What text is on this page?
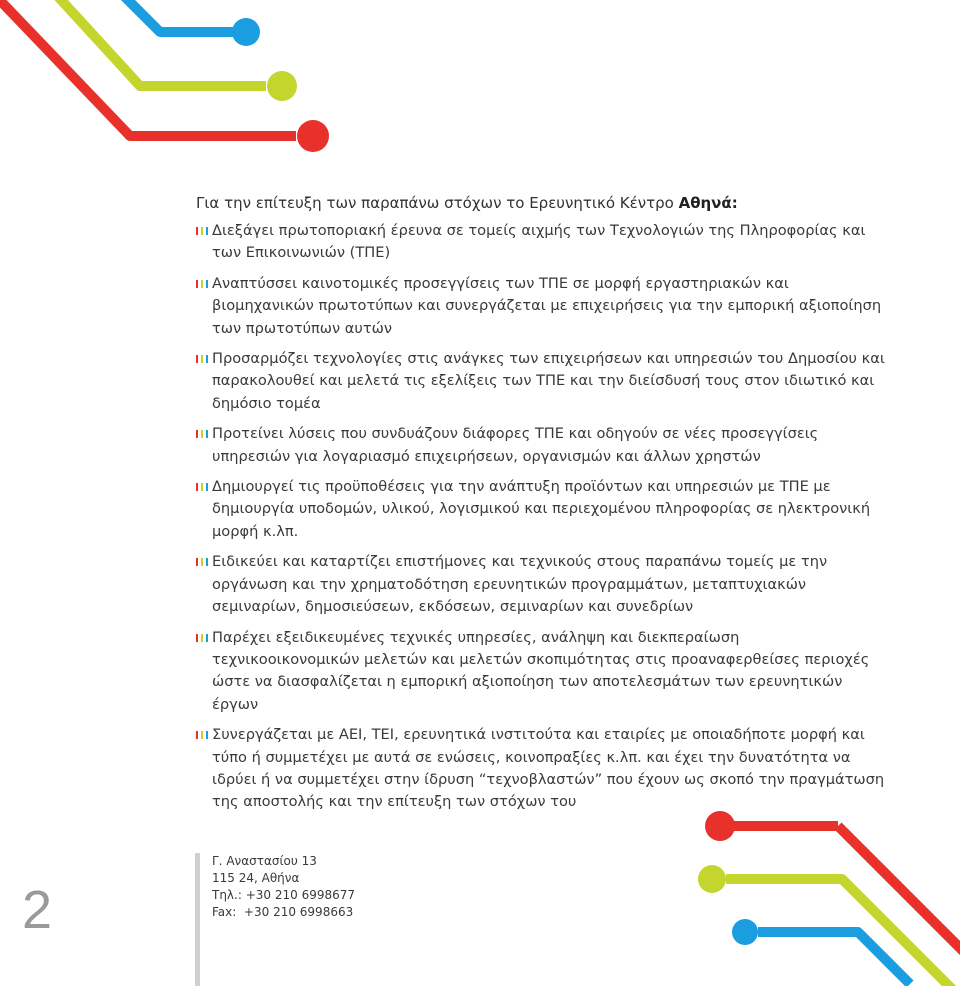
Για την επίτευξη των παραπάνω στόχων το Ερευνητικό Κέντρο Αθηνά:

Διεξάγει πρωτοποριακή έρευνα σε τομείς αιχμής των Τεχνολογιών της Πληροφορίας και των Επικοινωνιών (ΤΠΕ)
Αναπτύσσει καινοτομικές προσεγγίσεις των ΤΠΕ σε μορφή εργαστηριακών και βιομηχανικών πρωτοτύπων και συνεργάζεται με επιχειρήσεις για την εμπορική αξιοποίηση των πρωτοτύπων αυτών
Προσαρμόζει τεχνολογίες στις ανάγκες των επιχειρήσεων και υπηρεσιών του Δημοσίου και παρακολουθεί και μελετά τις εξελίξεις των ΤΠΕ και την διείσδυσή τους στον ιδιωτικό και δημόσιο τομέα
Προτείνει λύσεις που συνδυάζουν διάφορες ΤΠΕ και οδηγούν σε νέες προσεγγίσεις υπηρεσιών για λογαριασμό επιχειρήσεων, οργανισμών και άλλων χρηστών
Δημιουργεί τις προϋποθέσεις για την ανάπτυξη προϊόντων και υπηρεσιών με ΤΠΕ με δημιουργία υποδομών, υλικού, λογισμικού και περιεχομένου πληροφορίας σε ηλεκτρονική μορφή κ.λπ.
Ειδικεύει και καταρτίζει επιστήμονες και τεχνικούς στους παραπάνω τομείς με την οργάνωση και την χρηματοδότηση ερευνητικών προγραμμάτων, μεταπτυχιακών σεμιναρίων, δημοσιεύσεων, εκδόσεων, σεμιναρίων και συνεδρίων
Παρέχει εξειδικευμένες τεχνικές υπηρεσίες, ανάληψη και διεκπεραίωση τεχνικοοικονομικών μελετών και μελετών σκοπιμότητας στις προαναφερθείσες περιοχές ώστε να διασφαλίζεται η εμπορική αξιοποίηση των αποτελεσμάτων των ερευνητικών έργων
Συνεργάζεται με ΑΕΙ, ΤΕΙ, ερευνητικά ινστιτούτα και εταιρίες με οποιαδήποτε μορφή και τύπο ή συμμετέχει με αυτά σε ενώσεις, κοινοπραξίες κ.λπ. και έχει την δυνατότητα να ιδρύει ή να συμμετέχει στην ίδρυση “τεχνοβλαστών” που έχουν ως σκοπό την πραγμάτωση της αποστολής και την επίτευξη των στόχων του
2
Γ. Αναστασίου 13
115 24, Αθήνα
Τηλ.: +30 210 6998677
Fax:  +30 210 6998663
